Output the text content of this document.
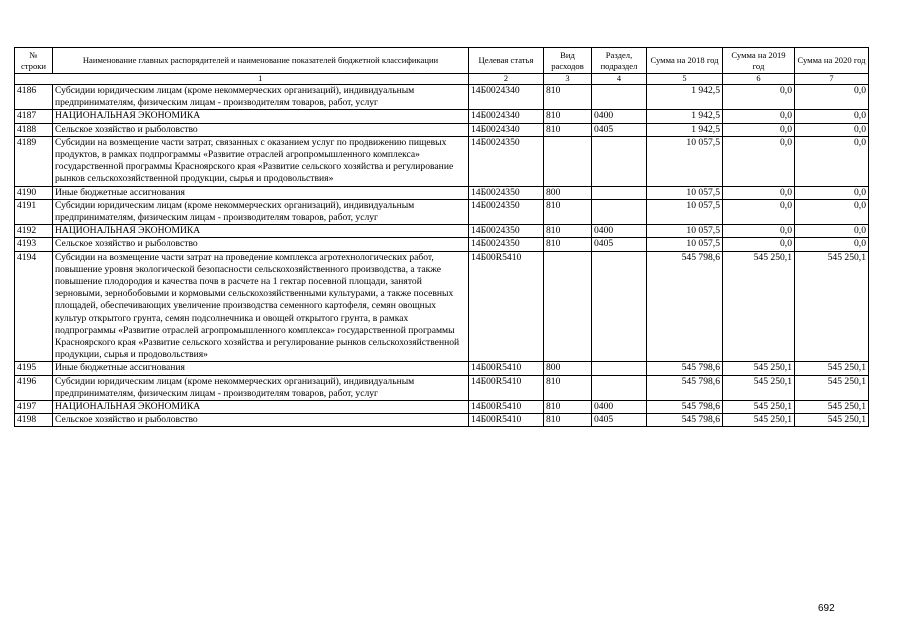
№ строки	Наименование главных распорядителей и наименование показателей бюджетной классификации	Целевая статья	Вид расходов	Раздел, подраздел	Сумма на 2018 год	Сумма на 2019 год	Сумма на 2020 год
	1	2	3	4	5	6	7
4186	Субсидии юридическим лицам (кроме некоммерческих организаций), индивидуальным предпринимателям, физическим лицам - производителям товаров, работ, услуг	14Б0024340	810		1 942,5	0,0	0,0
4187	НАЦИОНАЛЬНАЯ ЭКОНОМИКА	14Б0024340	810	0400	1 942,5	0,0	0,0
4188	Сельское хозяйство и рыболовство	14Б0024340	810	0405	1 942,5	0,0	0,0
4189	Субсидии на возмещение части затрат, связанных с оказанием услуг по продвижению пищевых продуктов, в рамках подпрограммы «Развитие отраслей агропромышленного комплекса» государственной программы Красноярского края «Развитие сельского хозяйства и регулирование рынков сельскохозяйственной продукции, сырья и продовольствия»	14Б0024350			10 057,5	0,0	0,0
4190	Иные бюджетные ассигнования	14Б0024350	800		10 057,5	0,0	0,0
4191	Субсидии юридическим лицам (кроме некоммерческих организаций), индивидуальным предпринимателям, физическим лицам - производителям товаров, работ, услуг	14Б0024350	810		10 057,5	0,0	0,0
4192	НАЦИОНАЛЬНАЯ ЭКОНОМИКА	14Б0024350	810	0400	10 057,5	0,0	0,0
4193	Сельское хозяйство и рыболовство	14Б0024350	810	0405	10 057,5	0,0	0,0
4194	Субсидии на возмещение части затрат на проведение комплекса агротехнологических работ, повышение уровня экологической безопасности сельскохозяйственного производства, а также повышение плодородия и качества почв в расчете на 1 гектар посевной площади, занятой зерновыми, зернобобовыми и кормовыми сельскохозяйственными культурами, а также посевных площадей, обеспечивающих увеличение производства семенного картофеля, семян овощных культур открытого грунта, семян подсолнечника и овощей открытого грунта, в рамках подпрограммы «Развитие отраслей агропромышленного комплекса» государственной программы Красноярского края «Развитие сельского хозяйства и регулирование рынков сельскохозяйственной продукции, сырья и продовольствия»	14Б00R5410			545 798,6	545 250,1	545 250,1
4195	Иные бюджетные ассигнования	14Б00R5410	800		545 798,6	545 250,1	545 250,1
4196	Субсидии юридическим лицам (кроме некоммерческих организаций), индивидуальным предпринимателям, физическим лицам - производителям товаров, работ, услуг	14Б00R5410	810		545 798,6	545 250,1	545 250,1
4197	НАЦИОНАЛЬНАЯ ЭКОНОМИКА	14Б00R5410	810	0400	545 798,6	545 250,1	545 250,1
4198	Сельское хозяйство и рыболовство	14Б00R5410	810	0405	545 798,6	545 250,1	545 250,1
692
